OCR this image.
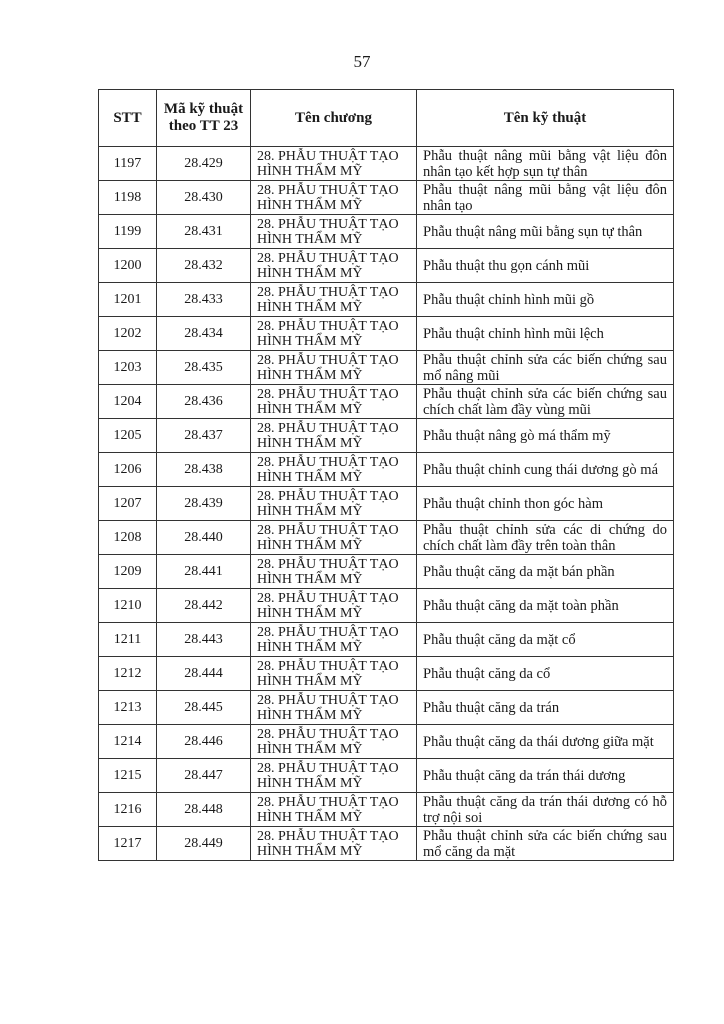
57
STT	Mã kỹ thuật theo TT 23	Tên chương	Tên kỹ thuật
1197	28.429	28. PHẪU THUẬT TẠO HÌNH THẨM MỸ	Phẫu thuật nâng mũi bằng vật liệu đôn nhân tạo kết hợp sụn tự thân
1198	28.430	28. PHẪU THUẬT TẠO HÌNH THẨM MỸ	Phẫu thuật nâng mũi bằng vật liệu đôn nhân tạo
1199	28.431	28. PHẪU THUẬT TẠO HÌNH THẨM MỸ	Phẫu thuật nâng mũi bằng sụn tự thân
1200	28.432	28. PHẪU THUẬT TẠO HÌNH THẨM MỸ	Phẫu thuật thu gọn cánh mũi
1201	28.433	28. PHẪU THUẬT TẠO HÌNH THẨM MỸ	Phẫu thuật chỉnh hình mũi gồ
1202	28.434	28. PHẪU THUẬT TẠO HÌNH THẨM MỸ	Phẫu thuật chỉnh hình mũi lệch
1203	28.435	28. PHẪU THUẬT TẠO HÌNH THẨM MỸ	Phẫu thuật chỉnh sửa các biến chứng sau mổ nâng mũi
1204	28.436	28. PHẪU THUẬT TẠO HÌNH THẨM MỸ	Phẫu thuật chỉnh sửa các biến chứng sau chích chất làm đầy vùng mũi
1205	28.437	28. PHẪU THUẬT TẠO HÌNH THẨM MỸ	Phẫu thuật nâng gò má thẩm mỹ
1206	28.438	28. PHẪU THUẬT TẠO HÌNH THẨM MỸ	Phẫu thuật chỉnh cung thái dương gò má
1207	28.439	28. PHẪU THUẬT TẠO HÌNH THẨM MỸ	Phẫu thuật chỉnh thon góc hàm
1208	28.440	28. PHẪU THUẬT TẠO HÌNH THẨM MỸ	Phẫu thuật chỉnh sửa các di chứng do chích chất làm đầy trên toàn thân
1209	28.441	28. PHẪU THUẬT TẠO HÌNH THẨM MỸ	Phẫu thuật căng da mặt bán phần
1210	28.442	28. PHẪU THUẬT TẠO HÌNH THẨM MỸ	Phẫu thuật căng da mặt toàn phần
1211	28.443	28. PHẪU THUẬT TẠO HÌNH THẨM MỸ	Phẫu thuật căng da mặt cổ
1212	28.444	28. PHẪU THUẬT TẠO HÌNH THẨM MỸ	Phẫu thuật căng da cổ
1213	28.445	28. PHẪU THUẬT TẠO HÌNH THẨM MỸ	Phẫu thuật căng da trán
1214	28.446	28. PHẪU THUẬT TẠO HÌNH THẨM MỸ	Phẫu thuật căng da thái dương giữa mặt
1215	28.447	28. PHẪU THUẬT TẠO HÌNH THẨM MỸ	Phẫu thuật căng da trán thái dương
1216	28.448	28. PHẪU THUẬT TẠO HÌNH THẨM MỸ	Phẫu thuật căng da trán thái dương có hỗ trợ nội soi
1217	28.449	28. PHẪU THUẬT TẠO HÌNH THẨM MỸ	Phẫu thuật chỉnh sửa các biến chứng sau mổ căng da mặt
